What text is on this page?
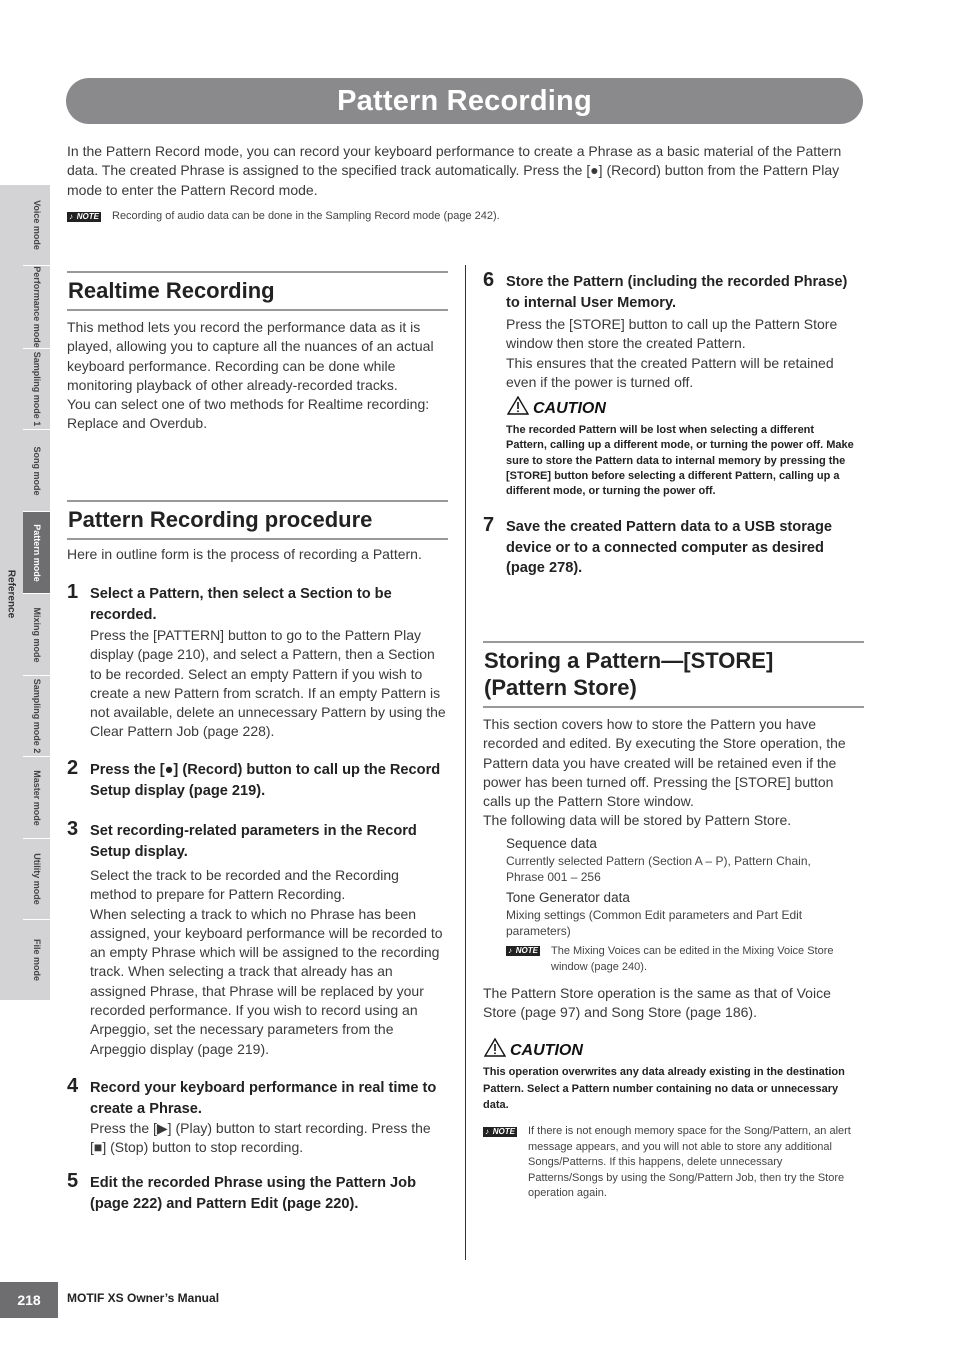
Pattern Recording

In the Pattern Record mode, you can record your keyboard performance to create a Phrase as a basic material of the Pattern data. The created Phrase is assigned to the specified track automatically. Press the [●] (Record) button from the Pattern Play mode to enter the Pattern Record mode.

♪ NOTE Recording of audio data can be done in the Sampling Record mode (page 242).
Reference
Voice mode
Performance mode
Sampling mode 1
Song mode
Pattern mode
Mixing mode
Sampling mode 2
Master mode
Utility mode
File mode
Realtime Recording

This method lets you record the performance data as it is played, allowing you to capture all the nuances of an actual keyboard performance. Recording can be done while monitoring playback of other already-recorded tracks.
You can select one of two methods for Realtime recording: Replace and Overdub.

Pattern Recording procedure

Here in outline form is the process of recording a Pattern.

1 Select a Pattern, then select a Section to be recorded.

Press the [PATTERN] button to go to the Pattern Play display (page 210), and select a Pattern, then a Section to be recorded. Select an empty Pattern if you wish to create a new Pattern from scratch. If an empty Pattern is not available, delete an unnecessary Pattern by using the Clear Pattern Job (page 228).

2 Press the [●] (Record) button to call up the Record Setup display (page 219).

3 Set recording-related parameters in the Record Setup display.

Select the track to be recorded and the Recording method to prepare for Pattern Recording.
When selecting a track to which no Phrase has been assigned, your keyboard performance will be recorded to an empty Phrase which will be assigned to the recording track. When selecting a track that already has an assigned Phrase, that Phrase will be replaced by your recorded performance. If you wish to record using an Arpeggio, set the necessary parameters from the Arpeggio display (page 219).

4 Record your keyboard performance in real time to create a Phrase.

Press the [▶] (Play) button to start recording. Press the [■] (Stop) button to stop recording.

5 Edit the recorded Phrase using the Pattern Job (page 222) and Pattern Edit (page 220).

6 Store the Pattern (including the recorded Phrase) to internal User Memory.

Press the [STORE] button to call up the Pattern Store window then store the created Pattern.
This ensures that the created Pattern will be retained even if the power is turned off.

CAUTION

The recorded Pattern will be lost when selecting a different Pattern, calling up a different mode, or turning the power off. Make sure to store the Pattern data to internal memory by pressing the [STORE] button before selecting a different Pattern, calling up a different mode, or turning the power off.

7 Save the created Pattern data to a USB storage device or to a connected computer as desired (page 278).

Storing a Pattern—[STORE] (Pattern Store)

This section covers how to store the Pattern you have recorded and edited. By executing the Store operation, the Pattern data you have created will be retained even if the power has been turned off. Pressing the [STORE] button calls up the Pattern Store window.
The following data will be stored by Pattern Store.

Sequence data

Currently selected Pattern (Section A – P), Pattern Chain, Phrase 001 – 256

Tone Generator data

Mixing settings (Common Edit parameters and Part Edit parameters)

♪ NOTE The Mixing Voices can be edited in the Mixing Voice Store window (page 240).

The Pattern Store operation is the same as that of Voice Store (page 97) and Song Store (page 186).

CAUTION

This operation overwrites any data already existing in the destination Pattern. Select a Pattern number containing no data or unnecessary data.

♪ NOTE If there is not enough memory space for the Song/Pattern, an alert message appears, and you will not able to store any additional Songs/Patterns. If this happens, delete unnecessary Patterns/Songs by using the Song/Pattern Job, then try the Store operation again.
218	MOTIF XS Owner’s Manual
